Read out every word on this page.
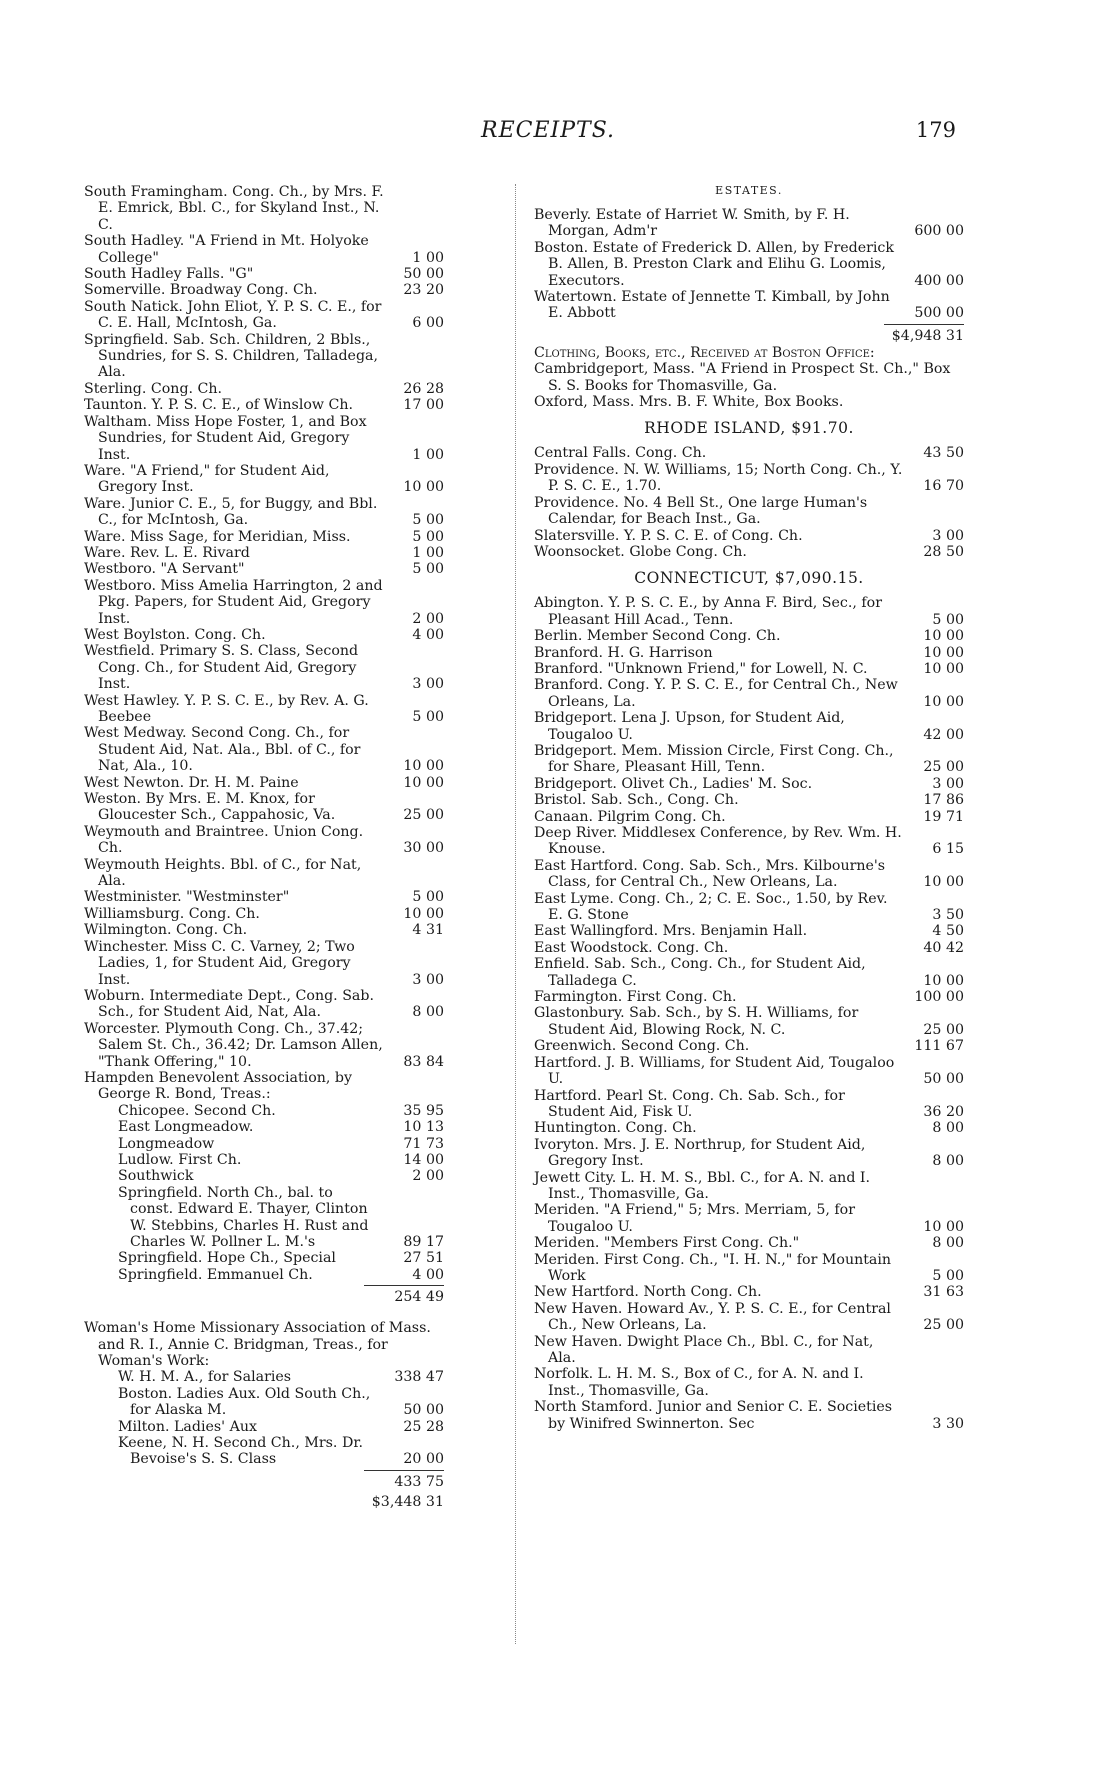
RECEIPTS.	179
South Framingham. Cong. Ch., by Mrs. F. E. Emrick, Bbl. C., for Skyland Inst., N. C.
South Hadley. "A Friend in Mt. Holyoke College"	1 00
South Hadley Falls. "G"	50 00
Somerville. Broadway Cong. Ch.	23 20
South Natick. John Eliot, Y. P. S. C. E., for C. E. Hall, McIntosh, Ga.	6 00
Springfield. Sab. Sch. Children, 2 Bbls., Sundries, for S. S. Children, Talladega, Ala.
Sterling. Cong. Ch.	26 28
Taunton. Y. P. S. C. E., of Winslow Ch.	17 00
Waltham. Miss Hope Foster, 1, and Box Sundries, for Student Aid, Gregory Inst.	1 00
Ware. "A Friend," for Student Aid, Gregory Inst.	10 00
Ware. Junior C. E., 5, for Buggy, and Bbl. C., for McIntosh, Ga.	5 00
Ware. Miss Sage, for Meridian, Miss.	5 00
Ware. Rev. L. E. Rivard	1 00
Westboro. "A Servant"	5 00
Westboro. Miss Amelia Harrington, 2 and Pkg. Papers, for Student Aid, Gregory Inst.	2 00
West Boylston. Cong. Ch.	4 00
Westfield. Primary S. S. Class, Second Cong. Ch., for Student Aid, Gregory Inst.	3 00
West Hawley. Y. P. S. C. E., by Rev. A. G. Beebee	5 00
West Medway. Second Cong. Ch., for Student Aid, Nat. Ala., Bbl. of C., for Nat, Ala., 10.	10 00
West Newton. Dr. H. M. Paine	10 00
Weston. By Mrs. E. M. Knox, for Gloucester Sch., Cappahosic, Va.	25 00
Weymouth and Braintree. Union Cong. Ch.	30 00
Weymouth Heights. Bbl. of C., for Nat, Ala.
Westminister. "Westminster"	5 00
Williamsburg. Cong. Ch.	10 00
Wilmington. Cong. Ch.	4 31
Winchester. Miss C. C. Varney, 2; Two Ladies, 1, for Student Aid, Gregory Inst.	3 00
Woburn. Intermediate Dept., Cong. Sab. Sch., for Student Aid, Nat, Ala.	8 00
Worcester. Plymouth Cong. Ch., 37.42; Salem St. Ch., 36.42; Dr. Lamson Allen, "Thank Offering," 10.	83 84
Hampden Benevolent Association, by George R. Bond, Treas.:
Chicopee. Second Ch.	35 95
East Longmeadow.	10 13
Longmeadow	71 73
Ludlow. First Ch.	14 00
Southwick	2 00
Springfield. North Ch., bal. to const. Edward E. Thayer, Clinton W. Stebbins, Charles H. Rust and Charles W. Pollner L. M.'s	89 17
Springfield. Hope Ch., Special	27 51
Springfield. Emmanuel Ch.	4 00
254 49
Woman's Home Missionary Association of Mass. and R. I., Annie C. Bridgman, Treas., for Woman's Work:
W. H. M. A., for Salaries	338 47
Boston. Ladies Aux. Old South Ch., for Alaska M.	50 00
Milton. Ladies' Aux	25 28
Keene, N. H. Second Ch., Mrs. Dr. Bevoise's S. S. Class	20 00
433 75
$3,448 31
ESTATES.
Beverly. Estate of Harriet W. Smith, by F. H. Morgan, Adm'r	600 00
Boston. Estate of Frederick D. Allen, by Frederick B. Allen, B. Preston Clark and Elihu G. Loomis, Executors.	400 00
Watertown. Estate of Jennette T. Kimball, by John E. Abbott	500 00
$4,948 31
Clothing, Books, etc., Received at Boston Office:
Cambridgeport, Mass. "A Friend in Prospect St. Ch.," Box S. S. Books for Thomasville, Ga.
Oxford, Mass. Mrs. B. F. White, Box Books.
RHODE ISLAND, $91.70.
Central Falls. Cong. Ch.	43 50
Providence. N. W. Williams, 15; North Cong. Ch., Y. P. S. C. E., 1.70.	16 70
Providence. No. 4 Bell St., One large Human's Calendar, for Beach Inst., Ga.
Slatersville. Y. P. S. C. E. of Cong. Ch.	3 00
Woonsocket. Globe Cong. Ch.	28 50
CONNECTICUT, $7,090.15.
Abington. Y. P. S. C. E., by Anna F. Bird, Sec., for Pleasant Hill Acad., Tenn.	5 00
Berlin. Member Second Cong. Ch.	10 00
Branford. H. G. Harrison	10 00
Branford. "Unknown Friend," for Lowell, N. C.	10 00
Branford. Cong. Y. P. S. C. E., for Central Ch., New Orleans, La.	10 00
Bridgeport. Lena J. Upson, for Student Aid, Tougaloo U.	42 00
Bridgeport. Mem. Mission Circle, First Cong. Ch., for Share, Pleasant Hill, Tenn.	25 00
Bridgeport. Olivet Ch., Ladies' M. Soc.	3 00
Bristol. Sab. Sch., Cong. Ch.	17 86
Canaan. Pilgrim Cong. Ch.	19 71
Deep River. Middlesex Conference, by Rev. Wm. H. Knouse.	6 15
East Hartford. Cong. Sab. Sch., Mrs. Kilbourne's Class, for Central Ch., New Orleans, La.	10 00
East Lyme. Cong. Ch., 2; C. E. Soc., 1.50, by Rev. E. G. Stone	3 50
East Wallingford. Mrs. Benjamin Hall.	4 50
East Woodstock. Cong. Ch.	40 42
Enfield. Sab. Sch., Cong. Ch., for Student Aid, Talladega C.	10 00
Farmington. First Cong. Ch.	100 00
Glastonbury. Sab. Sch., by S. H. Williams, for Student Aid, Blowing Rock, N. C.	25 00
Greenwich. Second Cong. Ch.	111 67
Hartford. J. B. Williams, for Student Aid, Tougaloo U.	50 00
Hartford. Pearl St. Cong. Ch. Sab. Sch., for Student Aid, Fisk U.	36 20
Huntington. Cong. Ch.	8 00
Ivoryton. Mrs. J. E. Northrup, for Student Aid, Gregory Inst.	8 00
Jewett City. L. H. M. S., Bbl. C., for A. N. and I. Inst., Thomasville, Ga.
Meriden. "A Friend," 5; Mrs. Merriam, 5, for Tougaloo U.	10 00
Meriden. "Members First Cong. Ch."	8 00
Meriden. First Cong. Ch., "I. H. N.," for Mountain Work	5 00
New Hartford. North Cong. Ch.	31 63
New Haven. Howard Av., Y. P. S. C. E., for Central Ch., New Orleans, La.	25 00
New Haven. Dwight Place Ch., Bbl. C., for Nat, Ala.
Norfolk. L. H. M. S., Box of C., for A. N. and I. Inst., Thomasville, Ga.
North Stamford. Junior and Senior C. E. Societies by Winifred Swinnerton. Sec	3 30
